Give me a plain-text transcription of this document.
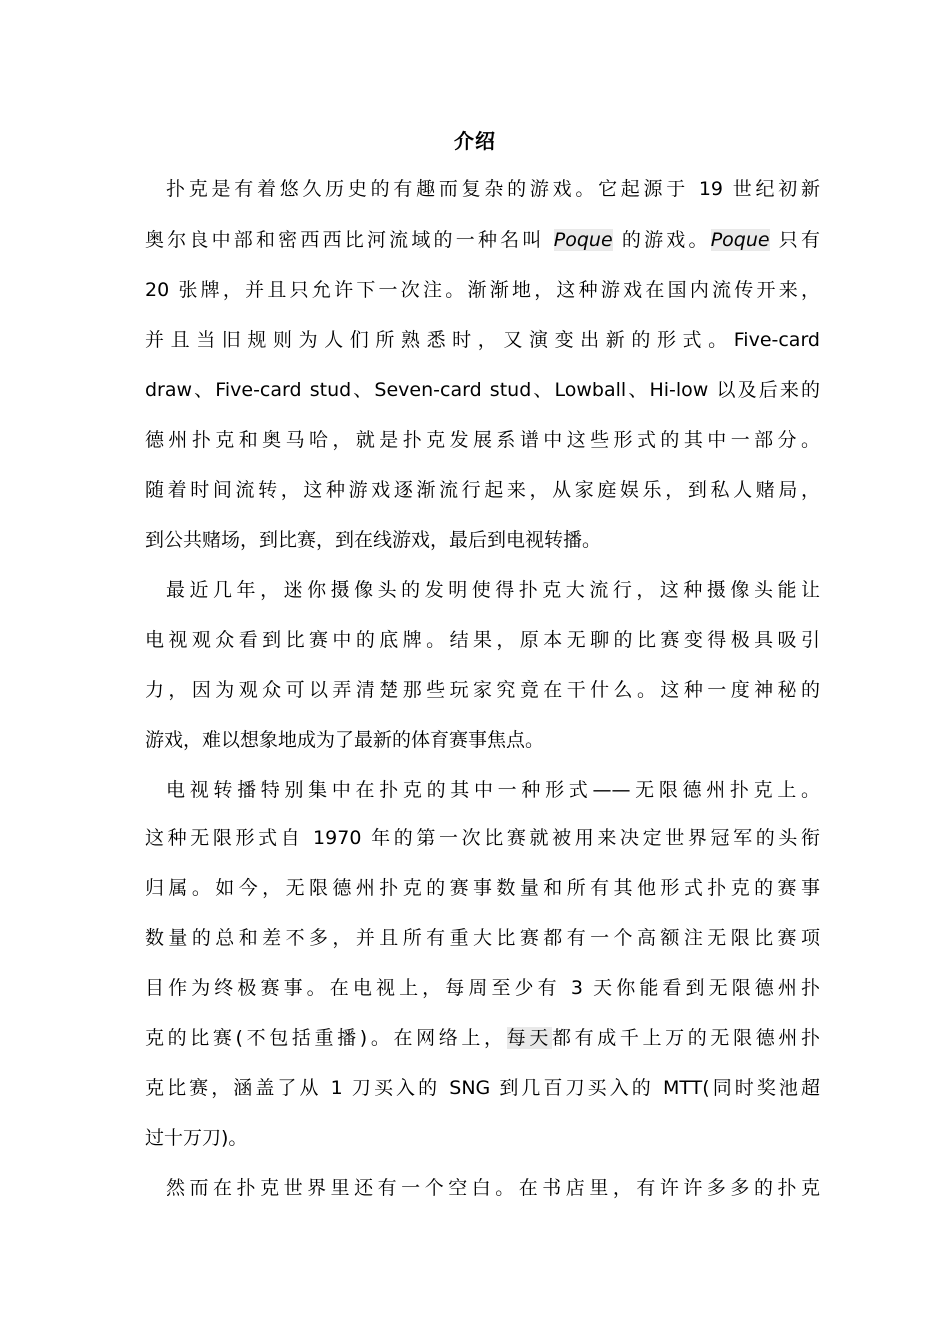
介绍
扑克是有着悠久历史的有趣而复杂的游戏。它起源于 19 世纪初新
奥尔良中部和密西西比河流域的一种名叫 Poque 的游戏。Poque 只有
20 张牌，并且只允许下一次注。渐渐地，这种游戏在国内流传开来，
并且当旧规则为人们所熟悉时，又演变出新的形式。Five-card
draw、Five-card stud、Seven-card stud、Lowball、Hi-low 以及后来的
德州扑克和奥马哈，就是扑克发展系谱中这些形式的其中一部分。
随着时间流转，这种游戏逐渐流行起来，从家庭娱乐，到私人赌局，
到公共赌场，到比赛，到在线游戏，最后到电视转播。
最近几年，迷你摄像头的发明使得扑克大流行，这种摄像头能让
电视观众看到比赛中的底牌。结果，原本无聊的比赛变得极具吸引
力，因为观众可以弄清楚那些玩家究竟在干什么。这种一度神秘的
游戏，难以想象地成为了最新的体育赛事焦点。
电视转播特别集中在扑克的其中一种形式——无限德州扑克上。
这种无限形式自 1970 年的第一次比赛就被用来决定世界冠军的头衔
归属。如今，无限德州扑克的赛事数量和所有其他形式扑克的赛事
数量的总和差不多，并且所有重大比赛都有一个高额注无限比赛项
目作为终极赛事。在电视上，每周至少有 3 天你能看到无限德州扑
克的比赛(不包括重播)。在网络上，每天都有成千上万的无限德州扑
克比赛，涵盖了从 1 刀买入的 SNG 到几百刀买入的 MTT(同时奖池超
过十万刀)。
然而在扑克世界里还有一个空白。在书店里，有许许多多的扑克
